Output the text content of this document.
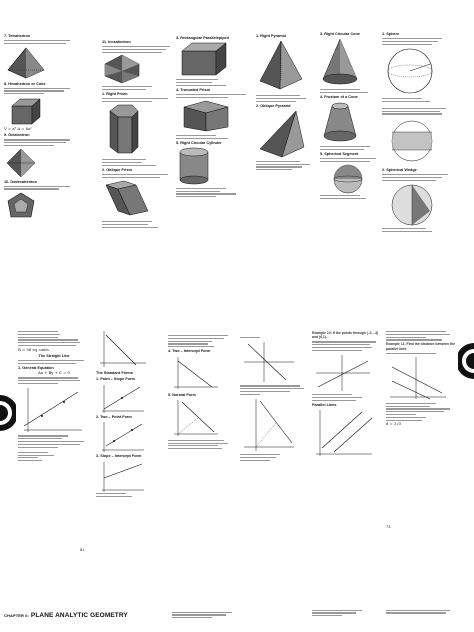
7. Tetrahedron
8. Hexahedron or Cube
V = a³ A = 6a²
9. Octahedron
10. Dodecahedron
11. Icosahedron
1. Right Prism
2. Oblique Prism
3. Rectangular Parallelepiped
4. Truncated Prism
5. Right Circular Cylinder
1. Right Pyramid
2. Oblique Pyramid
3. Right Circular Cone
4. Frustum of a Cone
5. Spherical Segment
1. Sphere
2. Spherical Wedge
R = 56 sq. units
The Straight Line
1. General Equation
Ax + By + C = 0
81
The Standard Forms
1. Point – Slope Form
2. Two – Point Form
3. Slope – Intercept Form
4. Two – Intercept Form
5. Normal Form
Example 10: If the points through (–2, –4) and (6,1)…
Parallel Lines
Example 11: Find the distance between the parallel lines
d = 2√5
73
CHAPTER 6: PLANE ANALYTIC GEOMETRY
